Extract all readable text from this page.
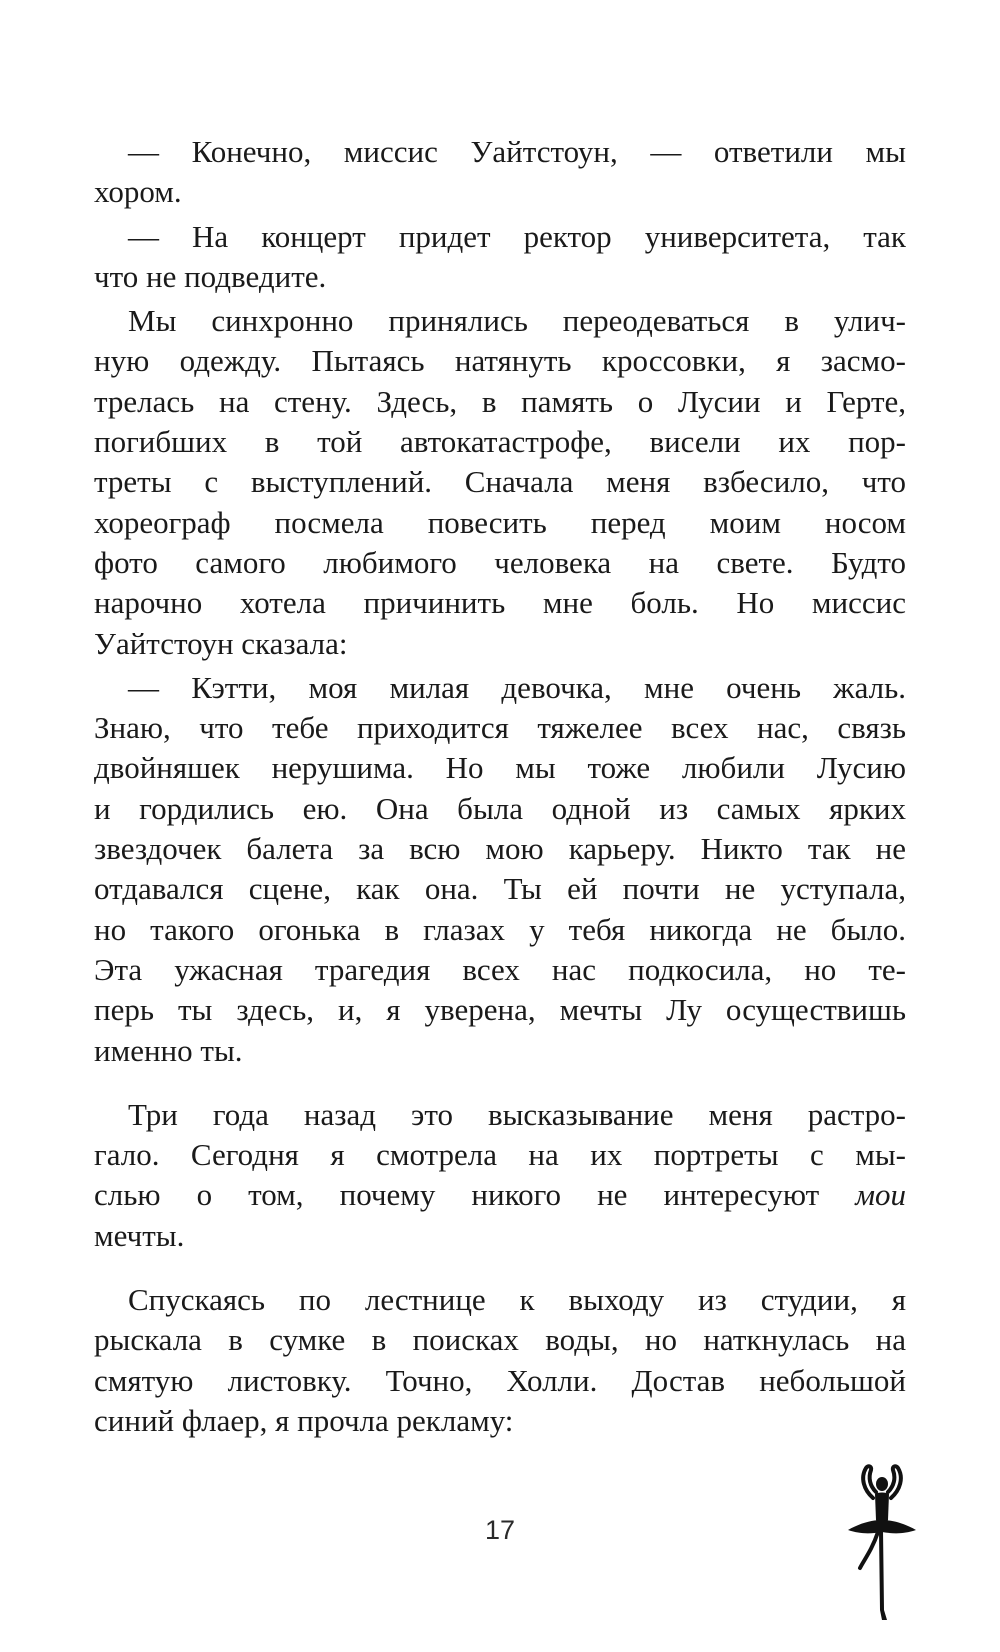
— Конечно, миссис Уайтстоун, — ответили мы
хором.

— На концерт придет ректор университета, так
что не подведите.

Мы синхронно принялись переодеваться в улич-
ную одежду. Пытаясь натянуть кроссовки, я засмо-
трелась на стену. Здесь, в память о Лусии и Герте,
погибших в той автокатастрофе, висели их пор-
треты с выступлений. Сначала меня взбесило, что
хореограф посмела повесить перед моим носом
фото самого любимого человека на свете. Будто
нарочно хотела причинить мне боль. Но миссис
Уайтстоун сказала:

— Кэтти, моя милая девочка, мне очень жаль.
Знаю, что тебе приходится тяжелее всех нас, связь
двойняшек нерушима. Но мы тоже любили Лусию
и гордились ею. Она была одной из самых ярких
звездочек балета за всю мою карьеру. Никто так не
отдавался сцене, как она. Ты ей почти не уступала,
но такого огонька в глазах у тебя никогда не было.
Эта ужасная трагедия всех нас подкосила, но те-
перь ты здесь, и, я уверена, мечты Лу осуществишь
именно ты.

Три года назад это высказывание меня растро-
гало. Сегодня я смотрела на их портреты с мы-
слью о том, почему никого не интересуют мои
мечты.

Спускаясь по лестнице к выходу из студии, я
рыскала в сумке в поисках воды, но наткнулась на
смятую листовку. Точно, Холли. Достав небольшой
синий флаер, я прочла рекламу:

17
